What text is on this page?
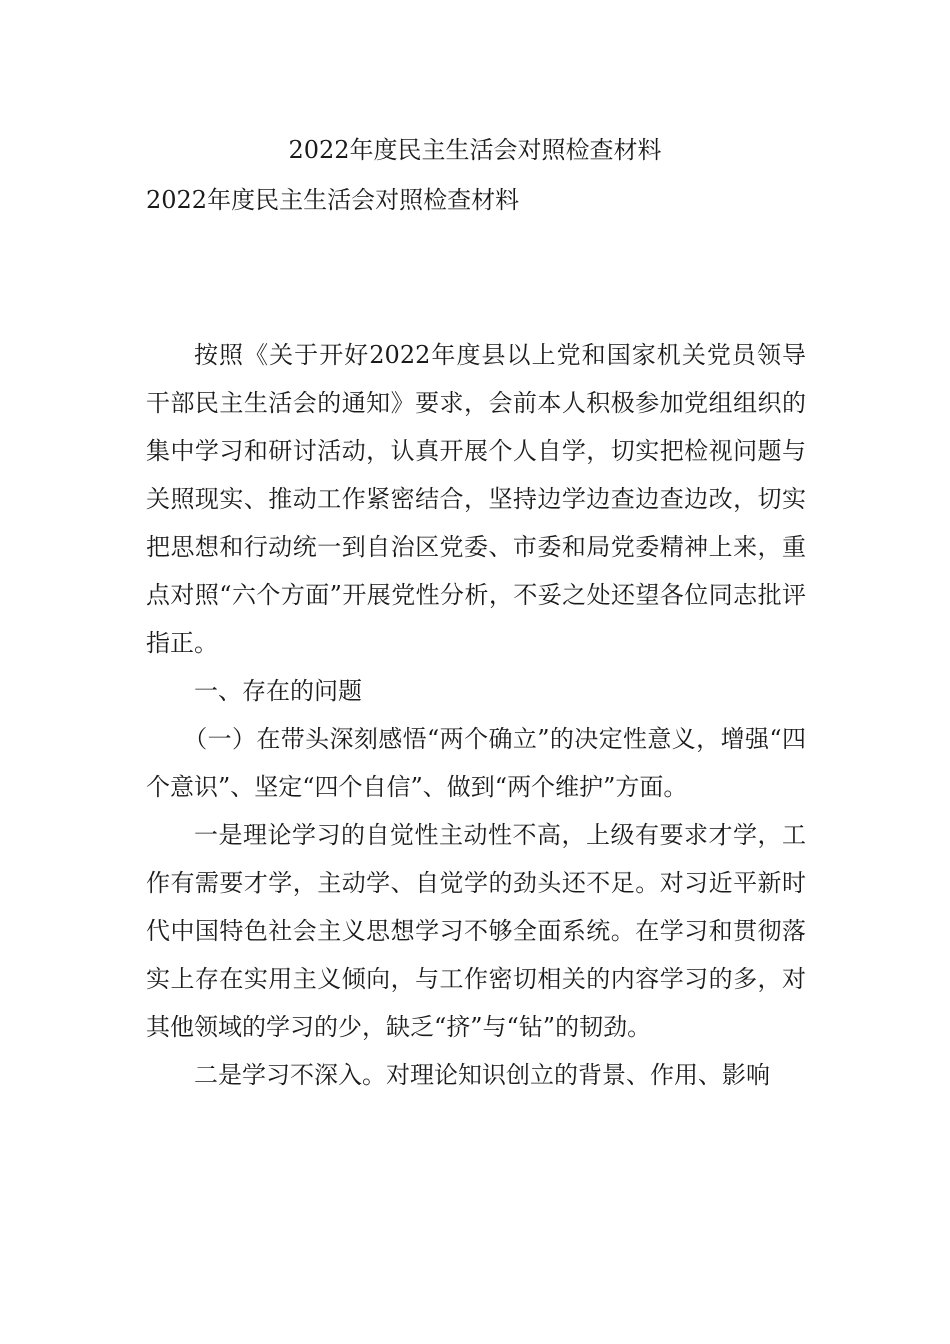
2022年度民主生活会对照检查材料
2022年度民主生活会对照检查材料

按照《关于开好2022年度县以上党和国家机关党员领导干部民主生活会的通知》要求，会前本人积极参加党组组织的集中学习和研讨活动，认真开展个人自学，切实把检视问题与关照现实、推动工作紧密结合，坚持边学边查边查边改，切实把思想和行动统一到自治区党委、市委和局党委精神上来，重点对照“六个方面”开展党性分析，不妥之处还望各位同志批评指正。

一、存在的问题

（一）在带头深刻感悟“两个确立”的决定性意义，增强“四个意识”、坚定“四个自信”、做到“两个维护”方面。

一是理论学习的自觉性主动性不高，上级有要求才学，工作有需要才学，主动学、自觉学的劲头还不足。对习近平新时代中国特色社会主义思想学习不够全面系统。在学习和贯彻落实上存在实用主义倾向，与工作密切相关的内容学习的多，对其他领域的学习的少，缺乏“挤”与“钻”的韧劲。

二是学习不深入。对理论知识创立的背景、作用、影响
